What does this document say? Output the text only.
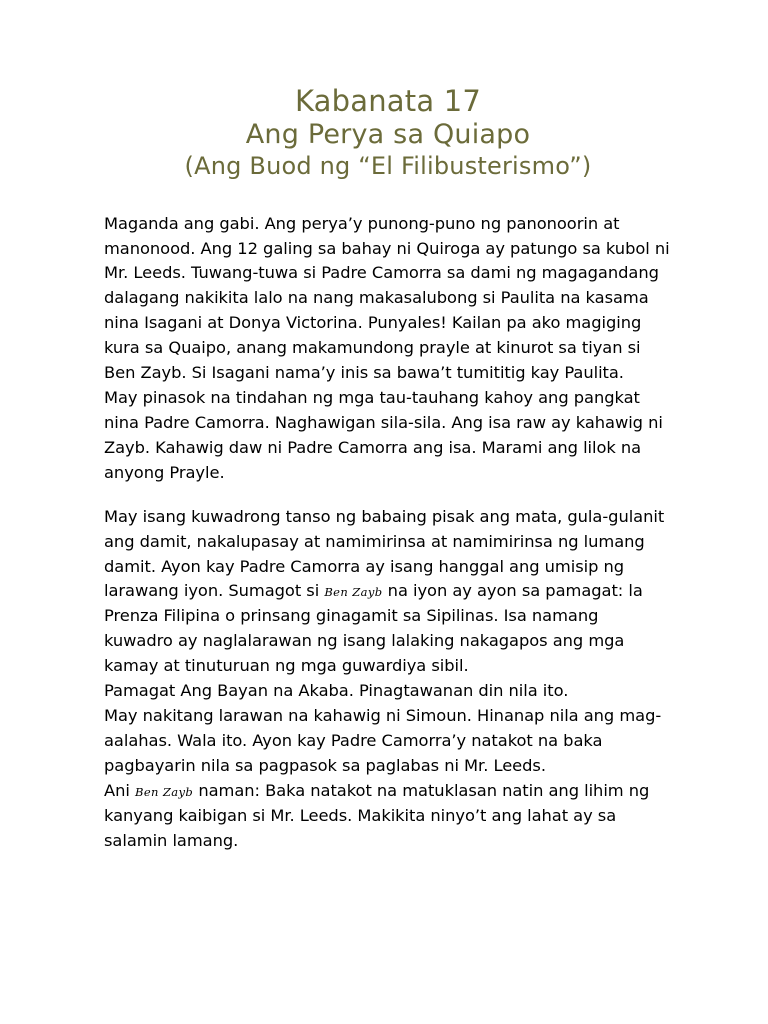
Kabanata 17
Ang Perya sa Quiapo
(Ang Buod ng “El Filibusterismo”)
Maganda ang gabi. Ang perya’y punong-puno ng panonoorin at manonood. Ang 12 galing sa bahay ni Quiroga ay patungo sa kubol ni Mr. Leeds. Tuwang-tuwa si Padre Camorra sa dami ng magagandang dalagang nakikita lalo na nang makasalubong si Paulita na kasama nina Isagani at Donya Victorina. Punyales! Kailan pa ako magiging kura sa Quaipo, anang makamundong prayle at kinurot sa tiyan si Ben Zayb. Si Isagani nama’y inis sa bawa’t tumititig kay Paulita.
May pinasok na tindahan ng mga tau-tauhang kahoy ang pangkat nina Padre Camorra. Naghawigan sila-sila. Ang isa raw ay kahawig ni Zayb. Kahawig daw ni Padre Camorra ang isa. Marami ang lilok na anyong Prayle.
May isang kuwadrong tanso ng babaing pisak ang mata, gula-gulanit ang damit, nakalupasay at namimirinsa at namimirinsa ng lumang damit. Ayon kay Padre Camorra ay isang hanggal ang umisip ng larawang iyon. Sumagot si Ben Zayb na iyon ay ayon sa pamagat: la Prenza Filipina o prinsang ginagamit sa Sipilinas. Isa namang kuwadro ay naglalarawan ng isang lalaking nakagapos ang mga kamay at tinuturuan ng mga guwardiya sibil.
Pamagat Ang Bayan na Akaba. Pinagtawanan din nila ito.
May nakitang larawan na kahawig ni Simoun. Hinanap nila ang mag-aalahas. Wala ito. Ayon kay Padre Camorra’y natakot na baka pagbayarin nila sa pagpasok sa paglabas ni Mr. Leeds.
Ani Ben Zayb naman: Baka natakot na matuklasan natin ang lihim ng kanyang kaibigan si Mr. Leeds. Makikita ninyo’t ang lahat ay sa salamin lamang.
